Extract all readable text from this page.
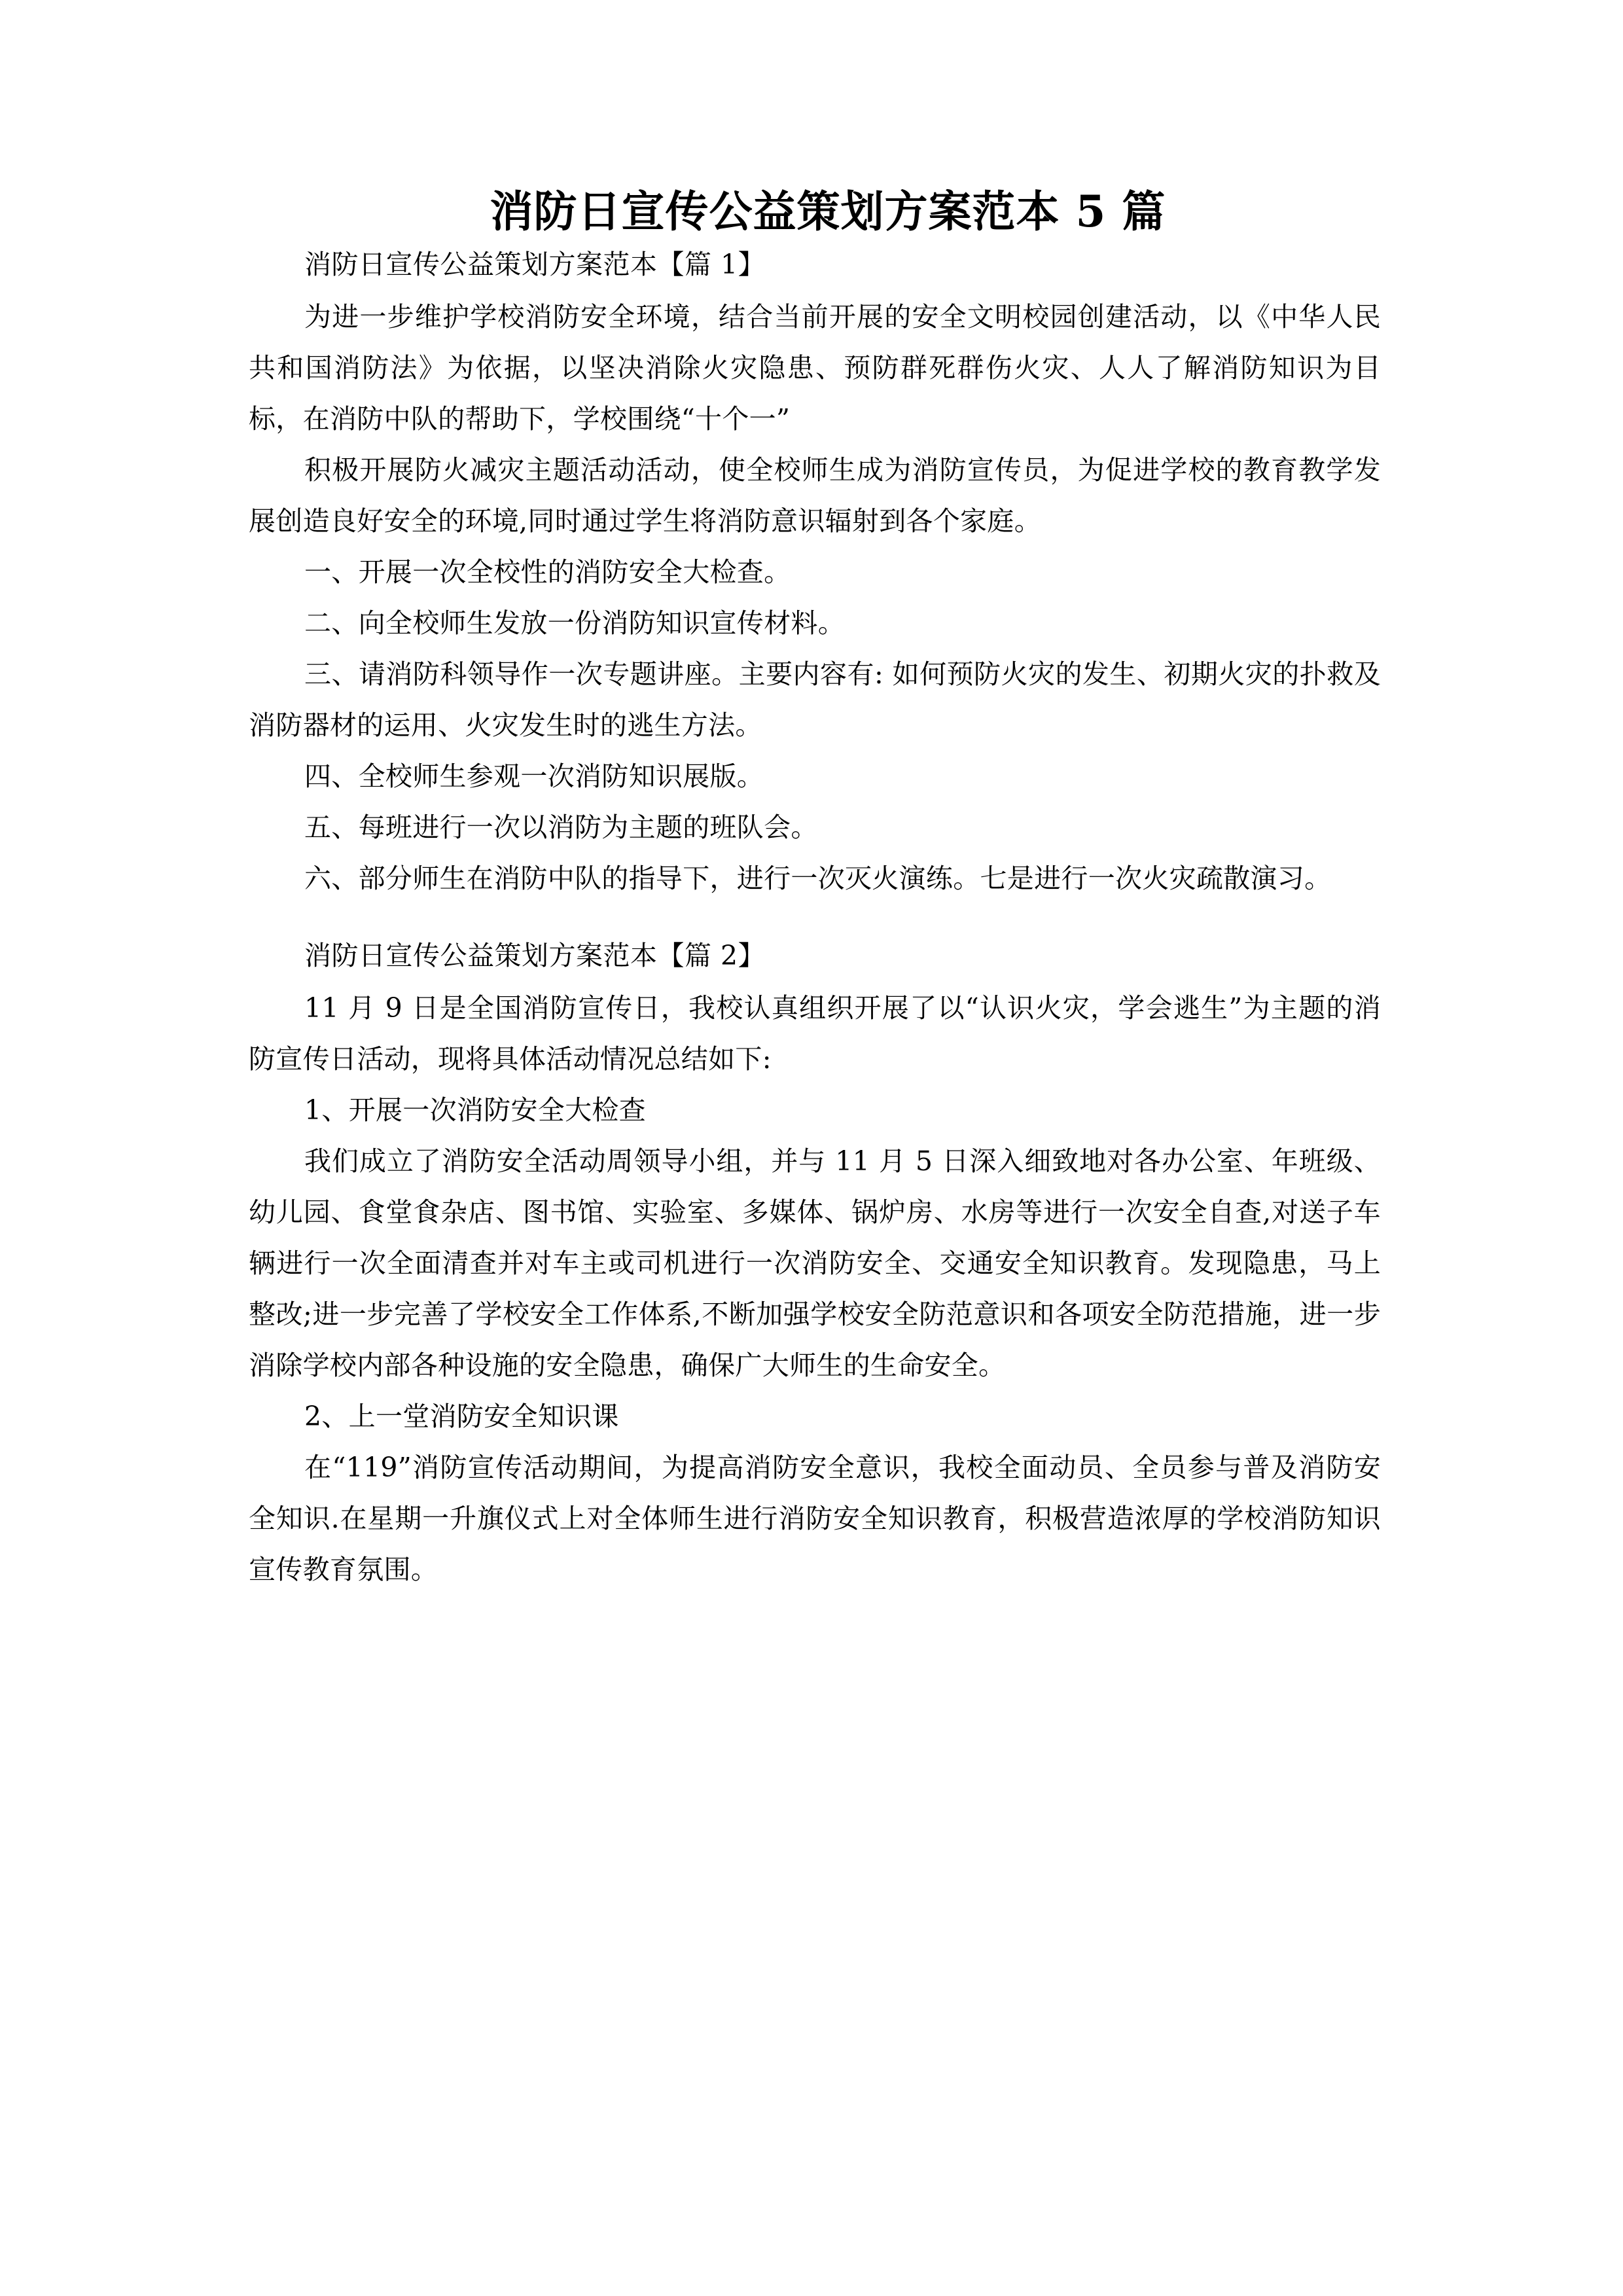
消防日宣传公益策划方案范本 5 篇
消防日宣传公益策划方案范本【篇 1】

为进一步维护学校消防安全环境，结合当前开展的安全文明校园创建活动，以《中华人民共和国消防法》为依据，以坚决消除火灾隐患、预防群死群伤火灾、人人了解消防知识为目标，在消防中队的帮助下，学校围绕“十个一”

积极开展防火减灾主题活动活动，使全校师生成为消防宣传员，为促进学校的教育教学发展创造良好安全的环境,同时通过学生将消防意识辐射到各个家庭。

一、开展一次全校性的消防安全大检查。

二、向全校师生发放一份消防知识宣传材料。

三、请消防科领导作一次专题讲座。主要内容有: 如何预防火灾的发生、初期火灾的扑救及消防器材的运用、火灾发生时的逃生方法。

四、全校师生参观一次消防知识展版。

五、每班进行一次以消防为主题的班队会。

六、部分师生在消防中队的指导下，进行一次灭火演练。七是进行一次火灾疏散演习。

消防日宣传公益策划方案范本【篇 2】

11 月 9 日是全国消防宣传日，我校认真组织开展了以“认识火灾，学会逃生”为主题的消防宣传日活动，现将具体活动情况总结如下:

1、开展一次消防安全大检查

我们成立了消防安全活动周领导小组，并与 11 月 5 日深入细致地对各办公室、年班级、幼儿园、食堂食杂店、图书馆、实验室、多媒体、锅炉房、水房等进行一次安全自查,对送子车辆进行一次全面清查并对车主或司机进行一次消防安全、交通安全知识教育。发现隐患，马上整改;进一步完善了学校安全工作体系,不断加强学校安全防范意识和各项安全防范措施，进一步消除学校内部各种设施的安全隐患，确保广大师生的生命安全。

2、上一堂消防安全知识课

在“119”消防宣传活动期间，为提高消防安全意识，我校全面动员、全员参与普及消防安全知识.在星期一升旗仪式上对全体师生进行消防安全知识教育，积极营造浓厚的学校消防知识宣传教育氛围。
